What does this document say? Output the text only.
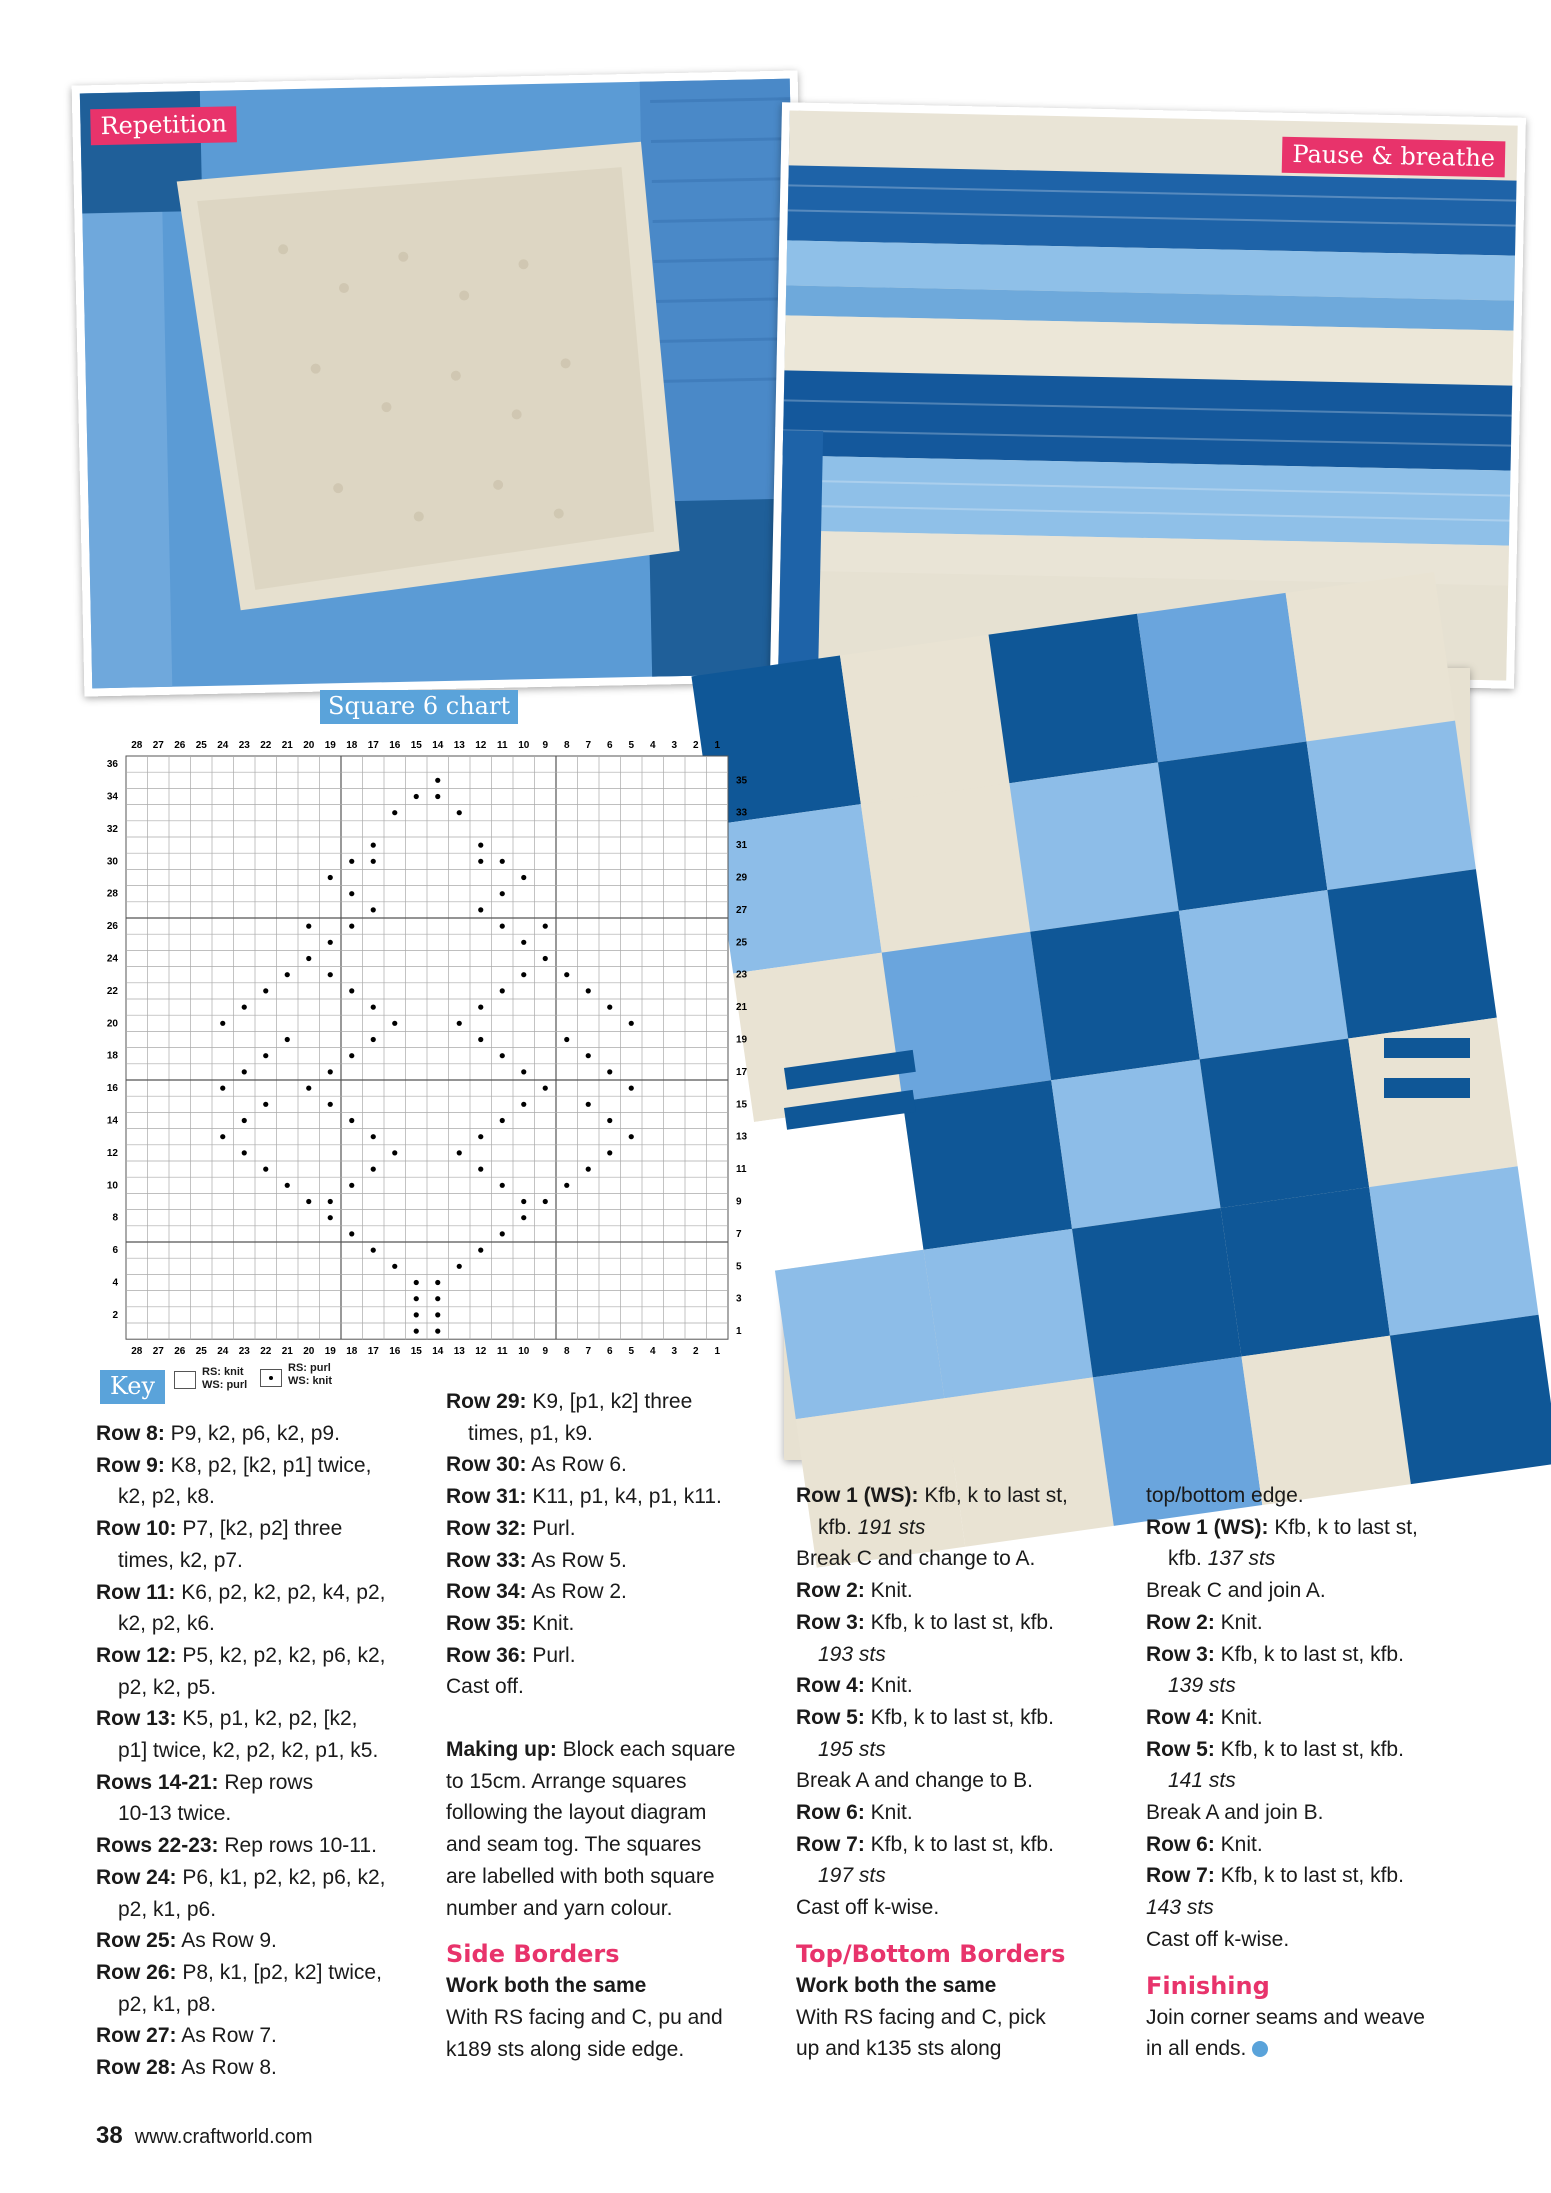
Repetition
Pause & breathe
Square 6 chart
28
28
27
27
26
26
25
25
24
24
23
23
22
22
21
21
20
20
19
19
18
18
17
17
16
16
15
15
14
14
13
13
12
12
11
11
10
10
9
9
8
8
7
7
6
6
5
5
4
4
3
3
2
2
1
1
36
34
32
30
28
26
24
22
20
18
16
14
12
10
8
6
4
2
35
33
31
29
27
25
23
21
19
17
15
13
11
9
7
5
3
1
Key	RS: knit
WS: purl
RS: purl
WS: knit

Row 8: P9, k2, p6, k2, p9.

Row 9: K8, p2, [k2, p1] twice,

k2, p2, k8.

Row 10: P7, [k2, p2] three

times, k2, p7.

Row 11: K6, p2, k2, p2, k4, p2,

k2, p2, k6.

Row 12: P5, k2, p2, k2, p6, k2,

p2, k2, p5.

Row 13: K5, p1, k2, p2, [k2,

p1] twice, k2, p2, k2, p1, k5.

Rows 14-21: Rep rows

10-13 twice.

Rows 22-23: Rep rows 10-11.

Row 24: P6, k1, p2, k2, p6, k2,

p2, k1, p6.

Row 25: As Row 9.

Row 26: P8, k1, [p2, k2] twice,

p2, k1, p8.

Row 27: As Row 7.

Row 28: As Row 8.

Row 29: K9, [p1, k2] three

times, p1, k9.

Row 30: As Row 6.

Row 31: K11, p1, k4, p1, k11.

Row 32: Purl.

Row 33: As Row 5.

Row 34: As Row 2.

Row 35: Knit.

Row 36: Purl.

Cast off.

Making up: Block each square

to 15cm. Arrange squares

following the layout diagram

and seam tog. The squares

are labelled with both square

number and yarn colour.

Side Borders

Work both the same

With RS facing and C, pu and

k189 sts along side edge.

Row 1 (WS): Kfb, k to last st,

kfb. 191 sts

Break C and change to A.

Row 2: Knit.

Row 3: Kfb, k to last st, kfb.

193 sts

Row 4: Knit.

Row 5: Kfb, k to last st, kfb.

195 sts

Break A and change to B.

Row 6: Knit.

Row 7: Kfb, k to last st, kfb.

197 sts

Cast off k-wise.

Top/Bottom Borders

Work both the same

With RS facing and C, pick

up and k135 sts along

top/bottom edge.

Row 1 (WS): Kfb, k to last st,

kfb. 137 sts

Break C and join A.

Row 2: Knit.

Row 3: Kfb, k to last st, kfb.

139 sts

Row 4: Knit.

Row 5: Kfb, k to last st, kfb.

141 sts

Break A and join B.

Row 6: Knit.

Row 7: Kfb, k to last st, kfb.

143 sts

Cast off k-wise.

Finishing

Join corner seams and weave

in all ends.

38 www.craftworld.com
